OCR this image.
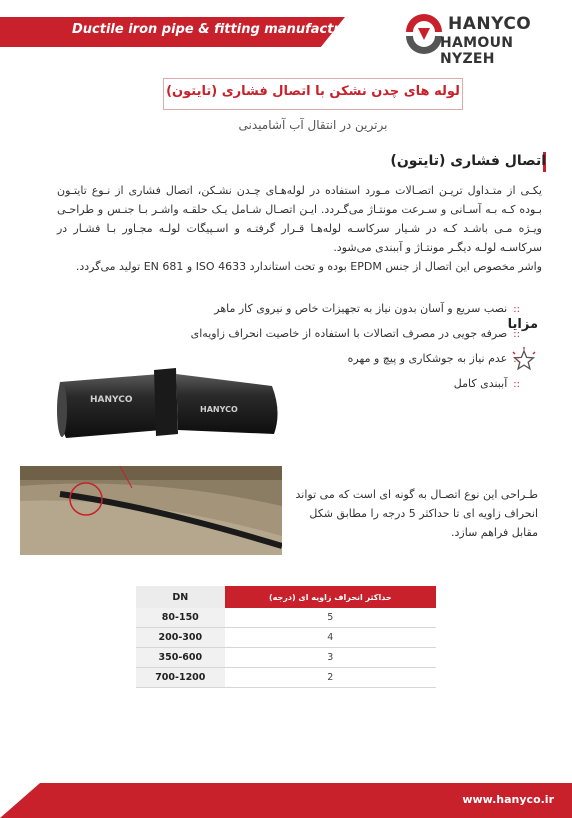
Ductile iron pipe & fitting manufacturer	HANYCO
HAMOUN NYZEH
لوله های چدن نشکن با اتصال فشاری (تایتون)
برترین در انتقال آب آشامیدنی
اتصال فشاری (تایتون)
یکـی از متـداول تریـن اتصـالات مـورد استفاده در لوله‌هـای چـدن نشـکن، اتصال فشاری از نـوع تایتـون بـوده کـه بـه آسـانی و سـرعت مونتـاژ می‌گـردد. ایـن اتصـال شـامل یـک حلقـه واشـر بـا جنـس و طراحـی ویـژه مـی باشـد کـه در شـیار سرکاسـه لوله‌هـا قـرار گرفتـه و اسـپیگات لولـه مجـاور بـا فشـار در سرکاسـه لولـه دیگـر مونتـاژ و آببندی می‌شود.
واشر مخصوص این اتصال از جنس EPDM بوده و تحت استاندارد ISO 4633 و EN 681 تولید می‌گردد.
مزایا
::نصب سریع و آسان بدون نیاز به تجهیزات خاص و نیروی کار ماهر
::صرفه جویی در مصرف اتصالات با استفاده از خاصیت انحراف زاویه‌ای
::عدم نیاز به جوشکاری و پیچ و مهره
::آببندی کامل
HANYCO
HANYCO
طـراحی این نوع اتصـال به گونه ای است که می تواند انحراف زاویه ای تا حداکثر 5 درجه را مطابق شکل مقابل فراهم سازد.
DN	حداکثر انحراف زاویه ای (درجه)
80-150	5
200-300	4
350-600	3
700-1200	2
www.hanyco.ir
